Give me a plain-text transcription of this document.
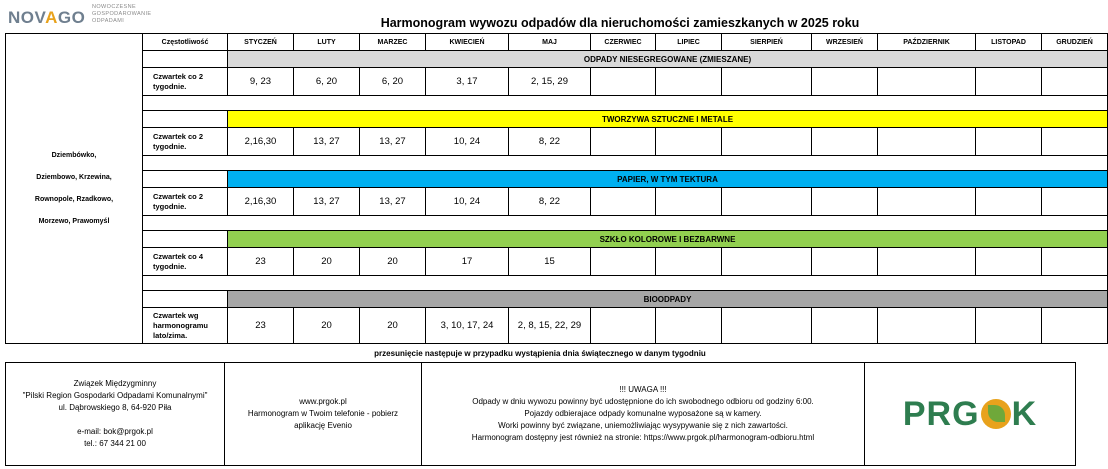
NOVAGO
NOWOCZESNE
GOSPODAROWANIE
ODPADAMI	Harmonogram wywozu odpadów dla nieruchomości zamieszkanych w 2025 roku
Dziembówko,
Dziembowo, Krzewina,
Rownopole, Rzadkowo,
Morzewo, Prawomyśl	Częstotliwość	STYCZEŃ	LUTY	MARZEC	KWIECIEŃ	MAJ	CZERWIEC	LIPIEC	SIERPIEŃ	WRZESIEŃ	PAŹDZIERNIK	LISTOPAD	GRUDZIEŃ
		ODPADY NIESEGREGOWANE (ZMIESZANE)											

	Czwartek co 2
tygodnie.	9, 23	6, 20	6, 20	3, 17	2, 15, 29							

		TWORZYWA SZTUCZNE I METALE											

	Czwartek co 2
tygodnie.	2,16,30	13, 27	13, 27	10, 24	8, 22							

		PAPIER, W TYM TEKTURA											

	Czwartek co 2
tygodnie.	2,16,30	13, 27	13, 27	10, 24	8, 22							

		SZKŁO KOLOROWE I BEZBARWNE											

	Czwartek co 4
tygodnie.	23	20	20	17	15							

		BIOODPADY											

	Czwartek wg
harmonogramu
lato/zima.	23	20	20	3, 10, 17, 24	2, 8, 15, 22, 29							
przesunięcie następuje w przypadku wystąpienia dnia świątecznego w danym tygodniu
Związek Międzygminny
"Pilski Region Gospodarki Odpadami Komunalnymi"
ul. Dąbrowskiego 8, 64-920 Piła

e-mail: bok@prgok.pl
tel.: 67 344 21 00

www.prgok.pl
Harmonogram w Twoim telefonie - pobierz
aplikację Evenio

!!! UWAGA !!!
Odpady w dniu wywozu powinny być udostępnione do ich swobodnego odbioru od godziny 6:00.
Pojazdy odbierajace odpady komunalne wyposażone są w kamery.
Worki powinny być związane, uniemożliwiając wysypywanie się z nich zawartości.
Harmonogram dostępny jest również na stronie: https://www.prgok.pl/harmonogram-odbioru.html

PRG K
